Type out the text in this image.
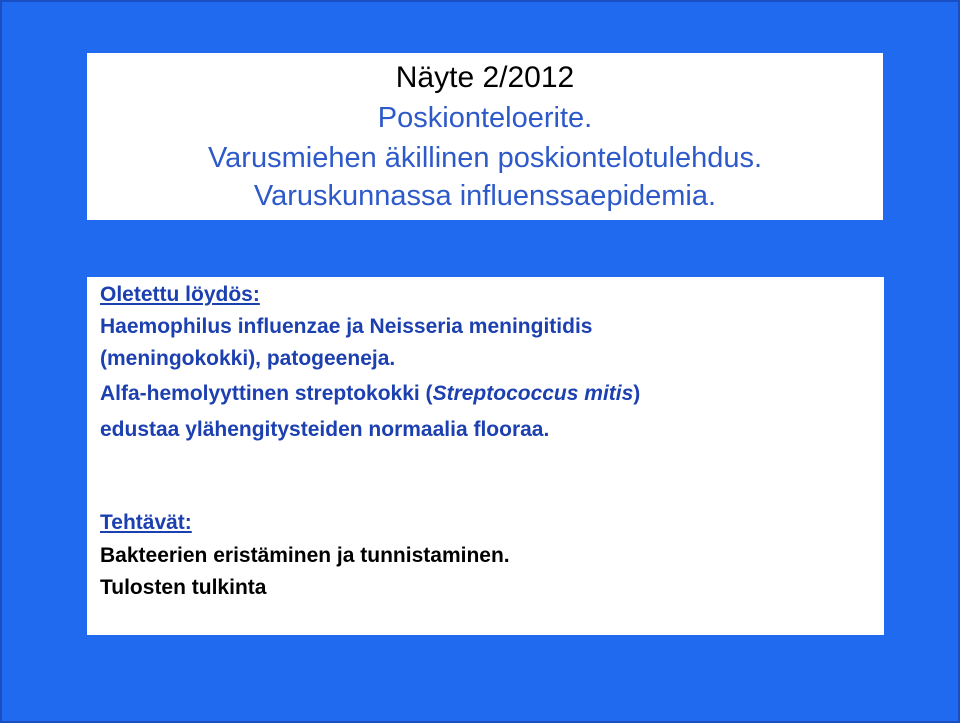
Näyte 2/2012
Poskionteloerite.
Varusmiehen äkillinen poskiontelotulehdus.
Varuskunnassa influenssaepidemia.
Oletettu löydös:
Haemophilus influenzae ja Neisseria meningitidis
(meningokokki), patogeeneja.
Alfa-hemolyyttinen streptokokki (Streptococcus mitis)
edustaa ylähengitysteiden normaalia flooraa.
Tehtävät:
Bakteerien eristäminen ja tunnistaminen.
Tulosten tulkinta
